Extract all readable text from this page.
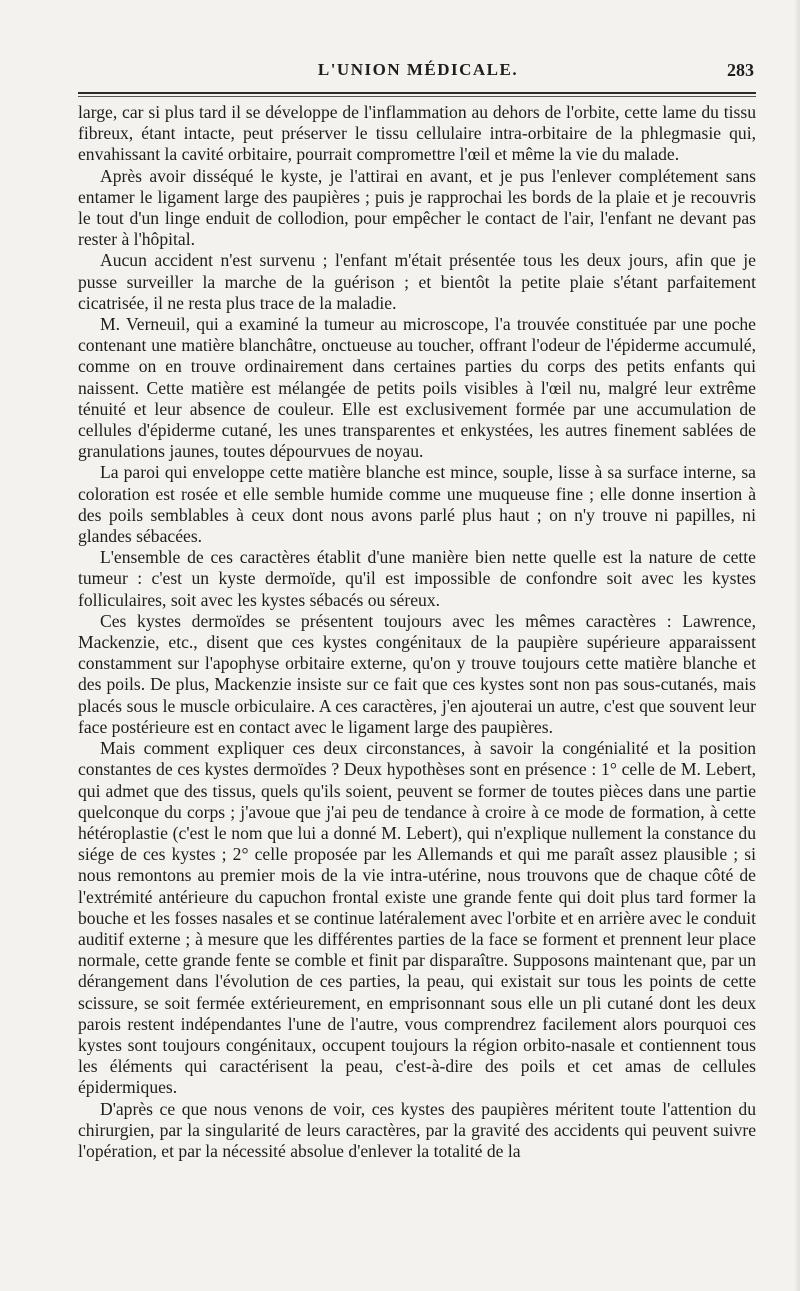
L'UNION MÉDICALE.	283

large, car si plus tard il se développe de l'inflammation au dehors de l'orbite, cette lame du tissu fibreux, étant intacte, peut préserver le tissu cellulaire intra-orbitaire de la phlegmasie qui, envahissant la cavité orbitaire, pourrait compromettre l'œil et même la vie du malade.

Après avoir disséqué le kyste, je l'attirai en avant, et je pus l'enlever complétement sans entamer le ligament large des paupières ; puis je rapprochai les bords de la plaie et je recouvris le tout d'un linge enduit de collodion, pour empêcher le contact de l'air, l'enfant ne devant pas rester à l'hôpital.

Aucun accident n'est survenu ; l'enfant m'était présentée tous les deux jours, afin que je pusse surveiller la marche de la guérison ; et bientôt la petite plaie s'étant parfaitement cicatrisée, il ne resta plus trace de la maladie.

M. Verneuil, qui a examiné la tumeur au microscope, l'a trouvée constituée par une poche contenant une matière blanchâtre, onctueuse au toucher, offrant l'odeur de l'épiderme accumulé, comme on en trouve ordinairement dans certaines parties du corps des petits enfants qui naissent. Cette matière est mélangée de petits poils visibles à l'œil nu, malgré leur extrême ténuité et leur absence de couleur. Elle est exclusivement formée par une accumulation de cellules d'épiderme cutané, les unes transparentes et enkystées, les autres finement sablées de granulations jaunes, toutes dépourvues de noyau.

La paroi qui enveloppe cette matière blanche est mince, souple, lisse à sa surface interne, sa coloration est rosée et elle semble humide comme une muqueuse fine ; elle donne insertion à des poils semblables à ceux dont nous avons parlé plus haut ; on n'y trouve ni papilles, ni glandes sébacées.

L'ensemble de ces caractères établit d'une manière bien nette quelle est la nature de cette tumeur : c'est un kyste dermoïde, qu'il est impossible de confondre soit avec les kystes folliculaires, soit avec les kystes sébacés ou séreux.

Ces kystes dermoïdes se présentent toujours avec les mêmes caractères : Lawrence, Mackenzie, etc., disent que ces kystes congénitaux de la paupière supérieure apparaissent constamment sur l'apophyse orbitaire externe, qu'on y trouve toujours cette matière blanche et des poils. De plus, Mackenzie insiste sur ce fait que ces kystes sont non pas sous-cutanés, mais placés sous le muscle orbiculaire. A ces caractères, j'en ajouterai un autre, c'est que souvent leur face postérieure est en contact avec le ligament large des paupières.

Mais comment expliquer ces deux circonstances, à savoir la congénialité et la position constantes de ces kystes dermoïdes ? Deux hypothèses sont en présence : 1° celle de M. Lebert, qui admet que des tissus, quels qu'ils soient, peuvent se former de toutes pièces dans une partie quelconque du corps ; j'avoue que j'ai peu de tendance à croire à ce mode de formation, à cette hétéroplastie (c'est le nom que lui a donné M. Lebert), qui n'explique nullement la constance du siége de ces kystes ; 2° celle proposée par les Allemands et qui me paraît assez plausible ; si nous remontons au premier mois de la vie intra-utérine, nous trouvons que de chaque côté de l'extrémité antérieure du capuchon frontal existe une grande fente qui doit plus tard former la bouche et les fosses nasales et se continue latéralement avec l'orbite et en arrière avec le conduit auditif externe ; à mesure que les différentes parties de la face se forment et prennent leur place normale, cette grande fente se comble et finit par disparaître. Supposons maintenant que, par un dérangement dans l'évolution de ces parties, la peau, qui existait sur tous les points de cette scissure, se soit fermée extérieurement, en emprisonnant sous elle un pli cutané dont les deux parois restent indépendantes l'une de l'autre, vous comprendrez facilement alors pourquoi ces kystes sont toujours congénitaux, occupent toujours la région orbito-nasale et contiennent tous les éléments qui caractérisent la peau, c'est-à-dire des poils et cet amas de cellules épidermiques.

D'après ce que nous venons de voir, ces kystes des paupières méritent toute l'attention du chirurgien, par la singularité de leurs caractères, par la gravité des accidents qui peuvent suivre l'opération, et par la nécessité absolue d'enlever la totalité de la
